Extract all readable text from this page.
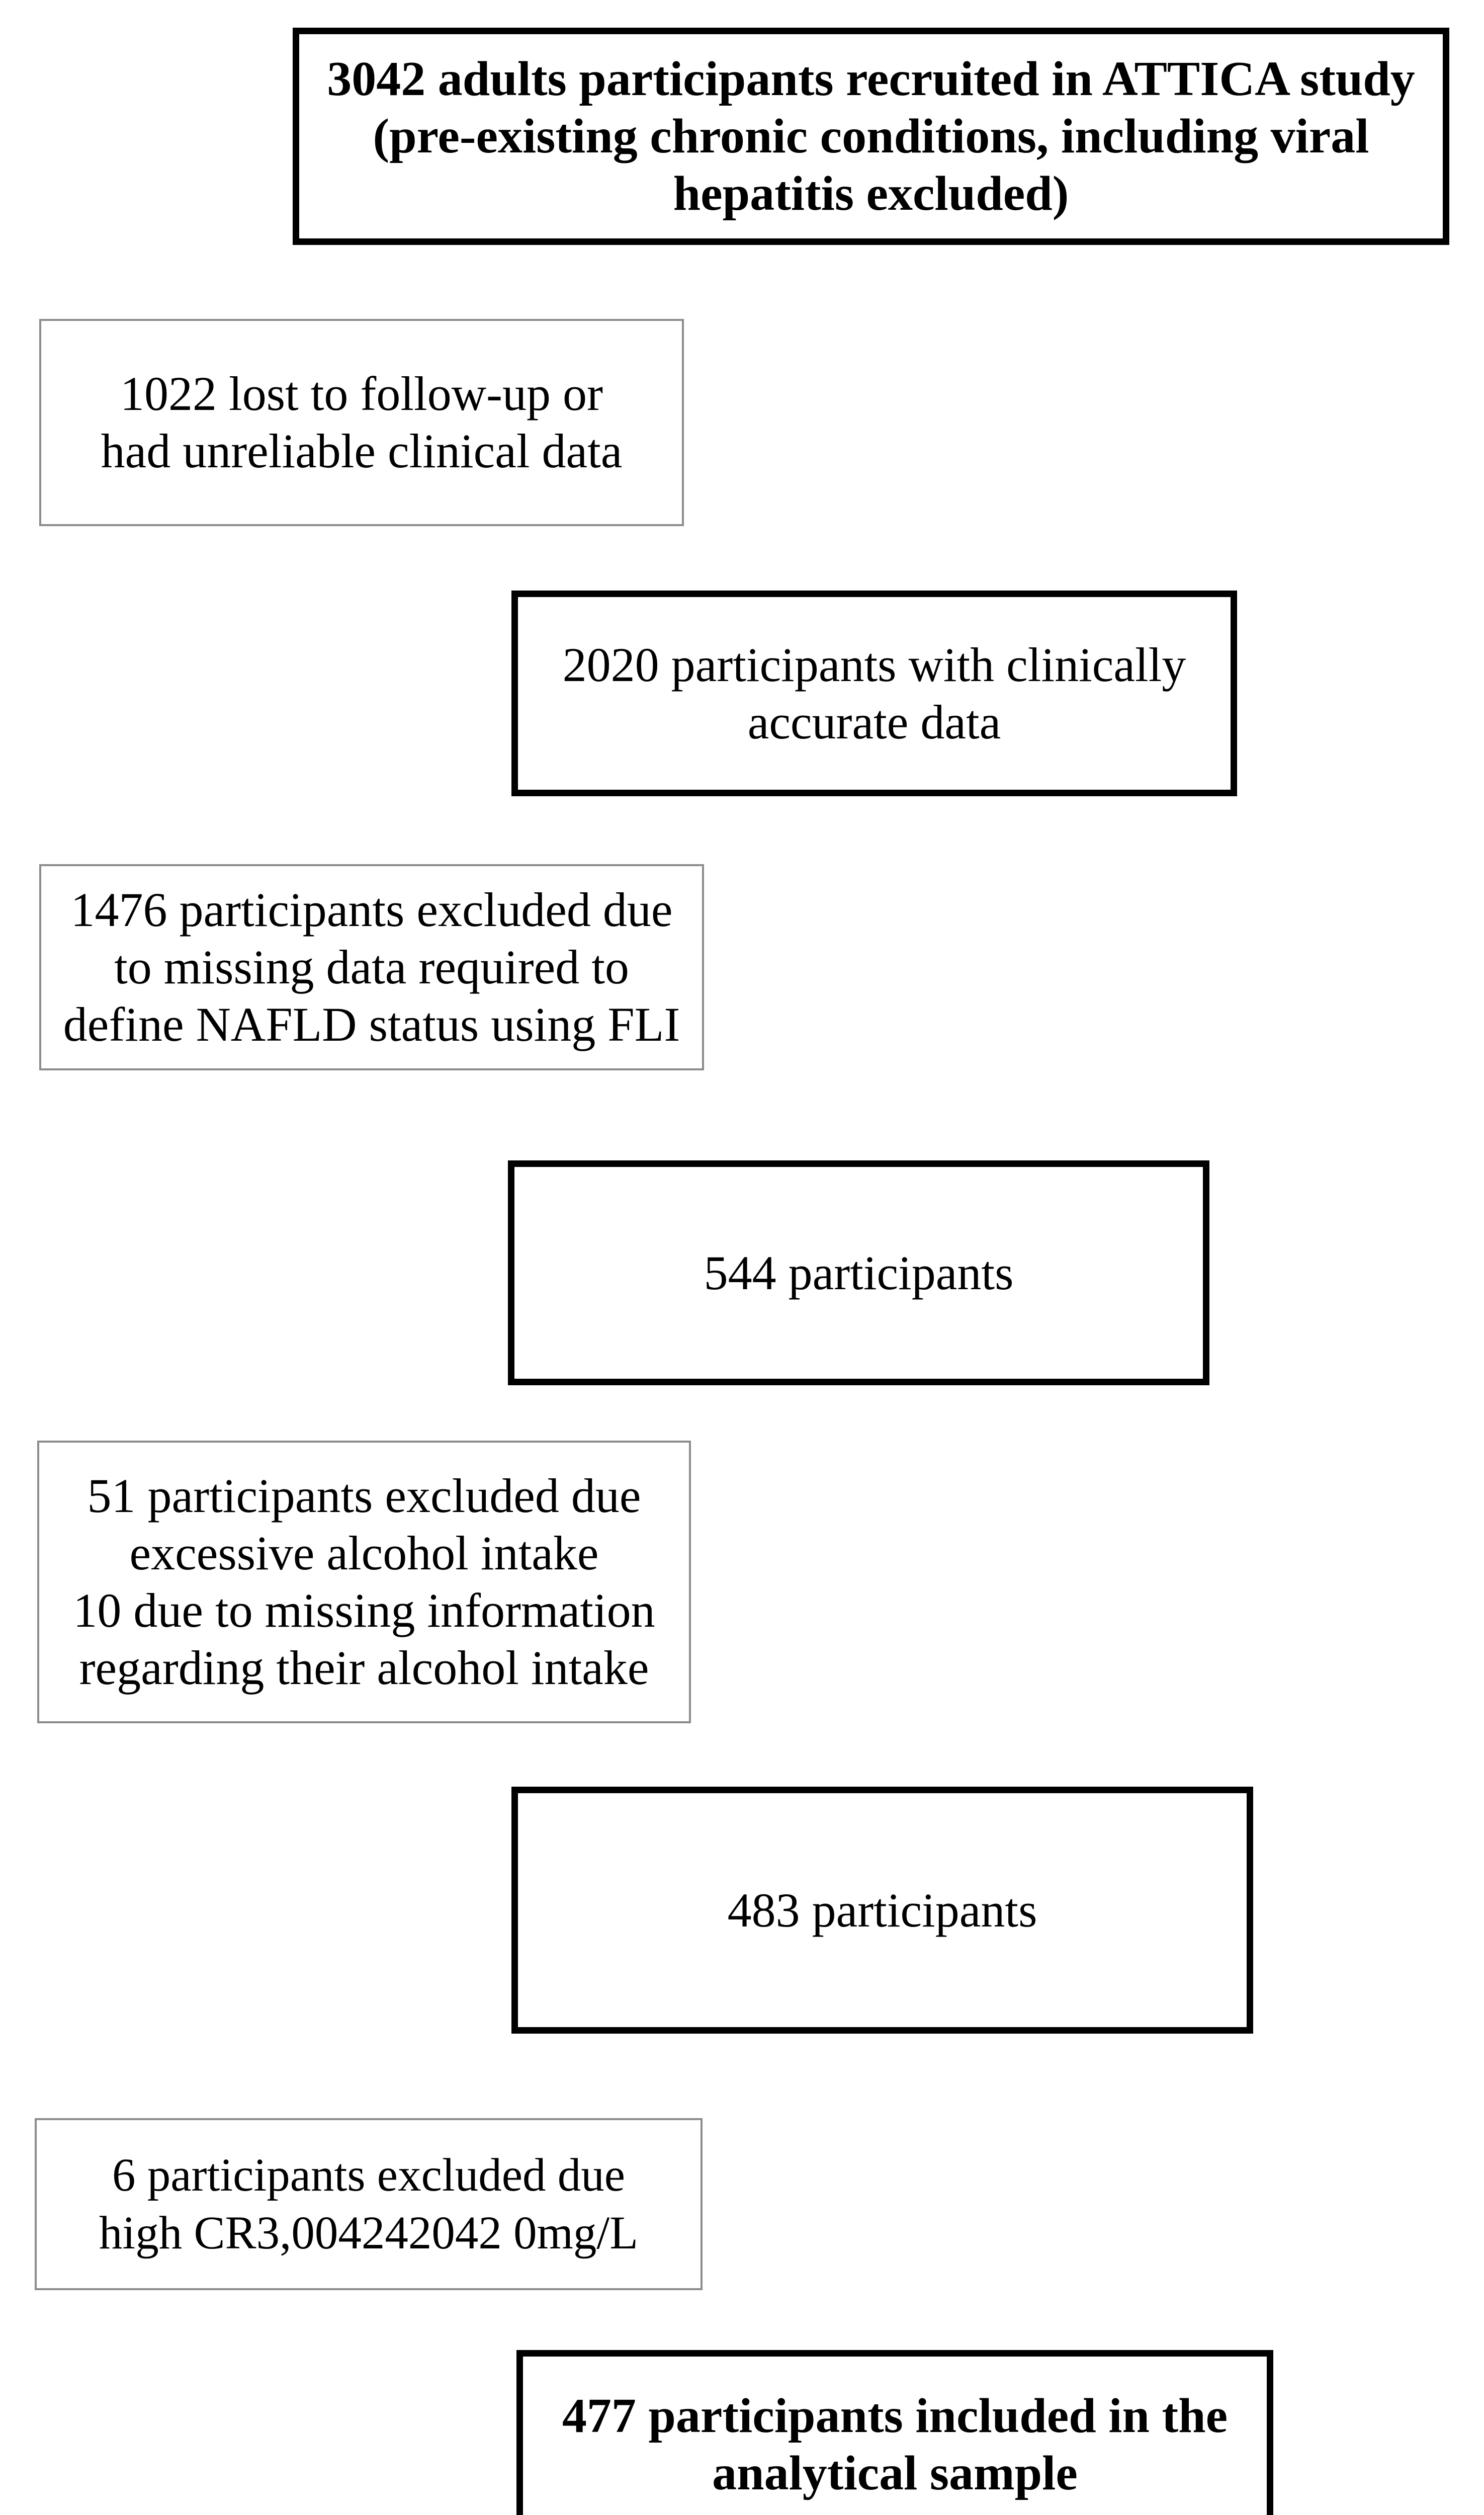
3042 adults participants recruited in ATTICA study
(pre-existing chronic conditions, including viral
hepatitis excluded)
1022 lost to follow-up or
had unreliable clinical data
2020 participants with clinically
accurate data
1476 participants excluded due
to missing data required to
define NAFLD status using FLI
544 participants
51 participants excluded due
excessive alcohol intake
10 due to missing information
regarding their alcohol intake
483 participants
6 participants excluded due
high CR3,004242042 0mg/L
477 participants included in the
analytical sample
